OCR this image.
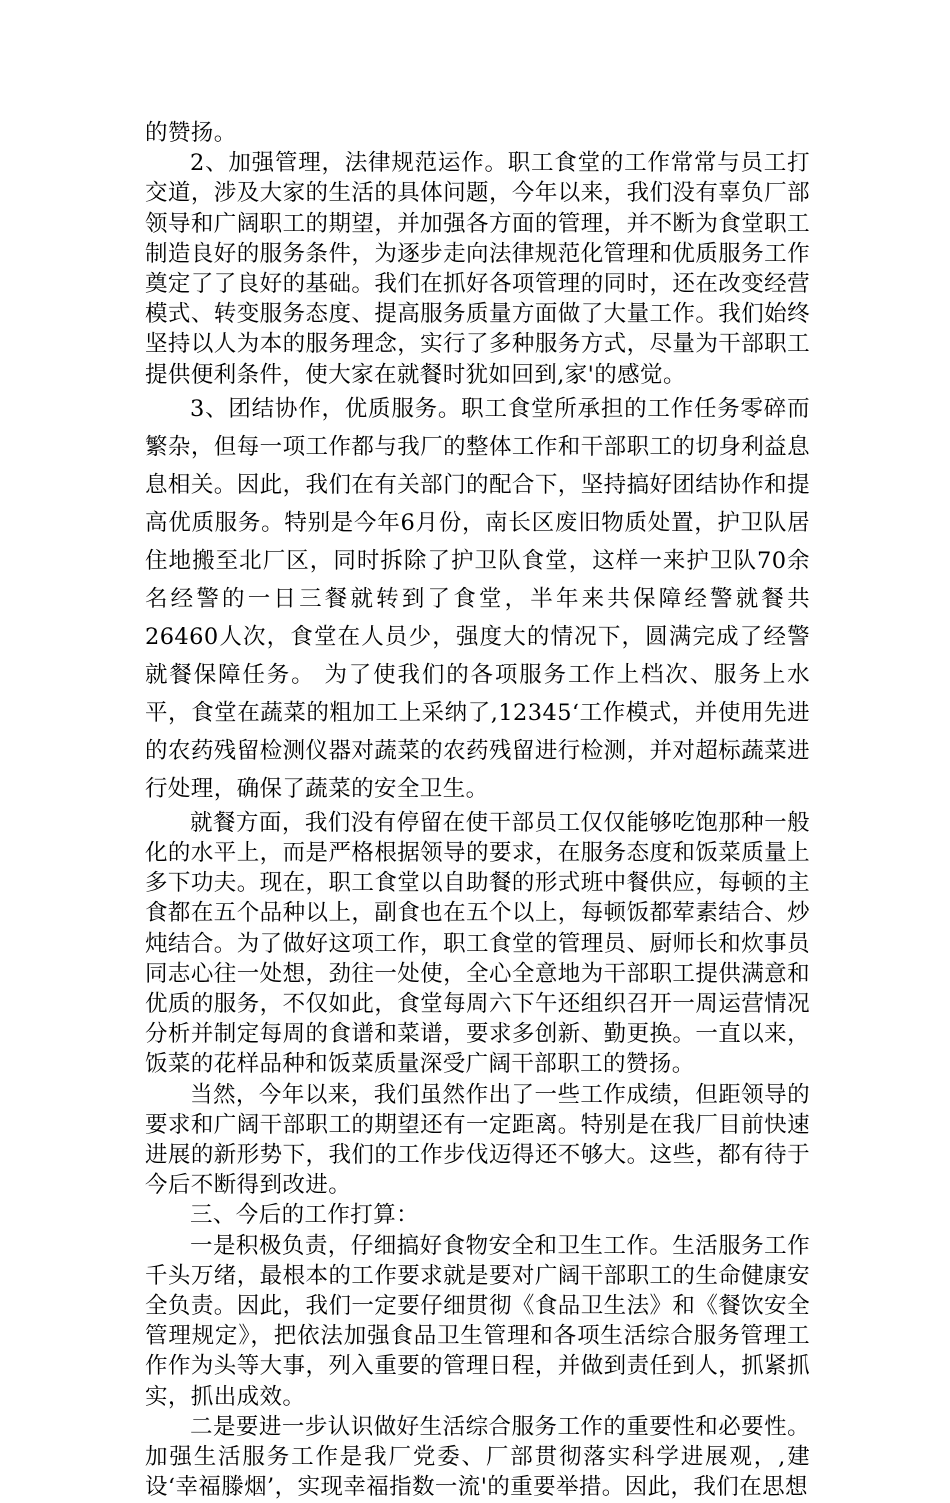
的赞扬。

2、加强管理，法律规范运作。职工食堂的工作常常与员工打交道，涉及大家的生活的具体问题，今年以来，我们没有辜负厂部领导和广阔职工的期望，并加强各方面的管理，并不断为食堂职工制造良好的服务条件，为逐步走向法律规范化管理和优质服务工作奠定了了良好的基础。我们在抓好各项管理的同时，还在改变经营模式、转变服务态度、提高服务质量方面做了大量工作。我们始终坚持以人为本的服务理念，实行了多种服务方式，尽量为干部职工提供便利条件，使大家在就餐时犹如回到,家'的感觉。

3、团结协作，优质服务。职工食堂所承担的工作任务零碎而繁杂，但每一项工作都与我厂的整体工作和干部职工的切身利益息息相关。因此，我们在有关部门的配合下，坚持搞好团结协作和提高优质服务。特别是今年6月份，南长区废旧物质处置，护卫队居住地搬至北厂区，同时拆除了护卫队食堂，这样一来护卫队70余名经警的一日三餐就转到了食堂，半年来共保障经警就餐共26460人次，食堂在人员少，强度大的情况下，圆满完成了经警就餐保障任务。 为了使我们的各项服务工作上档次、服务上水平，食堂在蔬菜的粗加工上采纳了,12345‘工作模式，并使用先进的农药残留检测仪器对蔬菜的农药残留进行检测，并对超标蔬菜进行处理，确保了蔬菜的安全卫生。

就餐方面，我们没有停留在使干部员工仅仅能够吃饱那种一般化的水平上，而是严格根据领导的要求，在服务态度和饭菜质量上多下功夫。现在，职工食堂以自助餐的形式班中餐供应，每顿的主食都在五个品种以上，副食也在五个以上，每顿饭都荤素结合、炒炖结合。为了做好这项工作，职工食堂的管理员、厨师长和炊事员同志心往一处想，劲往一处使，全心全意地为干部职工提供满意和优质的服务，不仅如此，食堂每周六下午还组织召开一周运营情况分析并制定每周的食谱和菜谱，要求多创新、勤更换。一直以来，饭菜的花样品种和饭菜质量深受广阔干部职工的赞扬。

当然，今年以来，我们虽然作出了一些工作成绩，但距领导的要求和广阔干部职工的期望还有一定距离。特别是在我厂目前快速进展的新形势下，我们的工作步伐迈得还不够大。这些，都有待于今后不断得到改进。

三、今后的工作打算：

一是积极负责，仔细搞好食物安全和卫生工作。生活服务工作千头万绪，最根本的工作要求就是要对广阔干部职工的生命健康安全负责。因此，我们一定要仔细贯彻《食品卫生法》和《餐饮安全管理规定》，把依法加强食品卫生管理和各项生活综合服务管理工作作为头等大事，列入重要的管理日程，并做到责任到人，抓紧抓实，抓出成效。

二是要进一步认识做好生活综合服务工作的重要性和必要性。加强生活服务工作是我厂党委、厂部贯彻落实科学进展观，,建设‘幸福滕烟’，实现幸福指数一流'的重要举措。因此，我们在思想
